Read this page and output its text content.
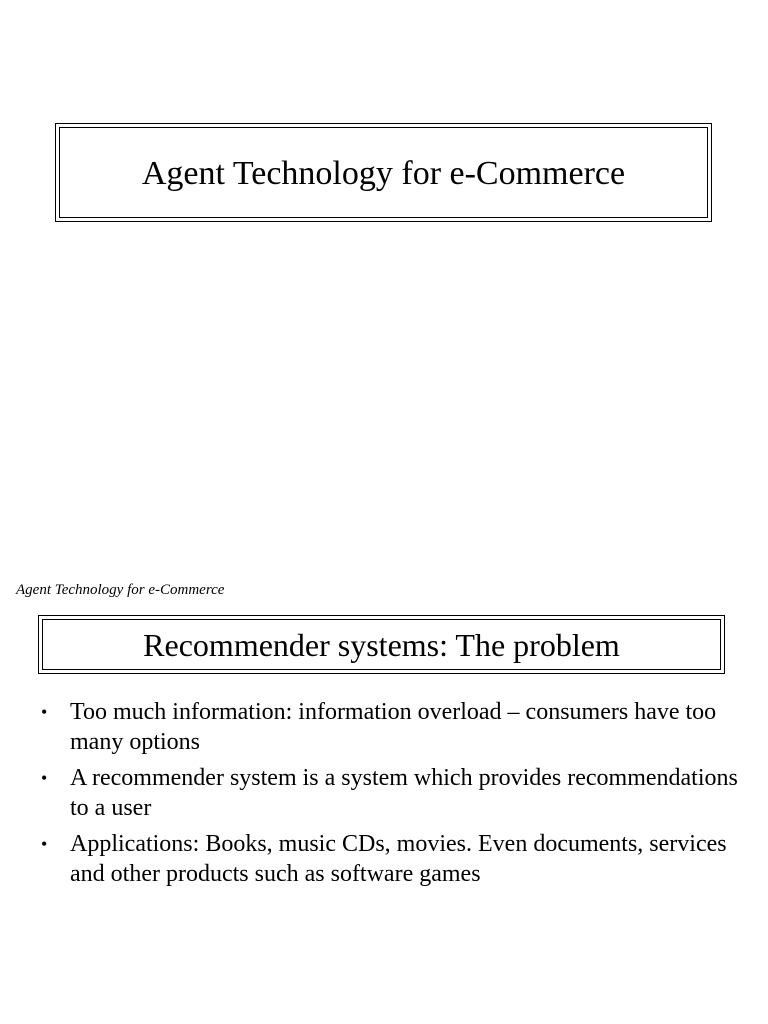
Agent Technology for e-Commerce
Agent Technology for e-Commerce
Recommender systems: The problem
• Too much information: information overload – consumers have too many options
• A recommender system is a system which provides recommendations to a user
• Applications: Books, music CDs, movies. Even documents, services and other products such as software games
